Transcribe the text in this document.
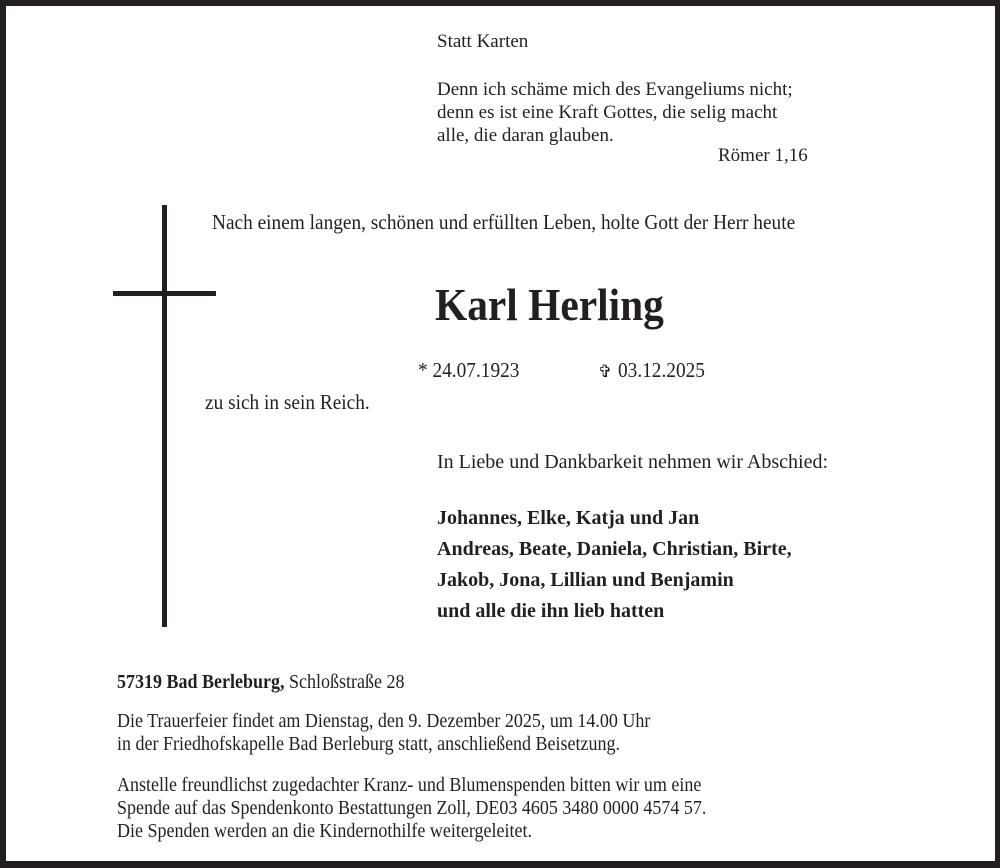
Statt Karten
Denn ich schäme mich des Evangeliums nicht;
denn es ist eine Kraft Gottes, die selig macht
alle, die daran glauben.
Römer 1,16
Nach einem langen, schönen und erfüllten Leben, holte Gott der Herr heute
Karl Herling
* 24.07.1923	✞ 03.12.2025
zu sich in sein Reich.
In Liebe und Dankbarkeit nehmen wir Abschied:
Johannes, Elke, Katja und Jan
Andreas, Beate, Daniela, Christian, Birte,
Jakob, Jona, Lillian und Benjamin
und alle die ihn lieb hatten
57319 Bad Berleburg, Schloßstraße 28
Die Trauerfeier findet am Dienstag, den 9. Dezember 2025, um 14.00 Uhr
in der Friedhofskapelle Bad Berleburg statt, anschließend Beisetzung.
Anstelle freundlichst zugedachter Kranz- und Blumenspenden bitten wir um eine
Spende auf das Spendenkonto Bestattungen Zoll, DE03 4605 3480 0000 4574 57.
Die Spenden werden an die Kindernothilfe weitergeleitet.
